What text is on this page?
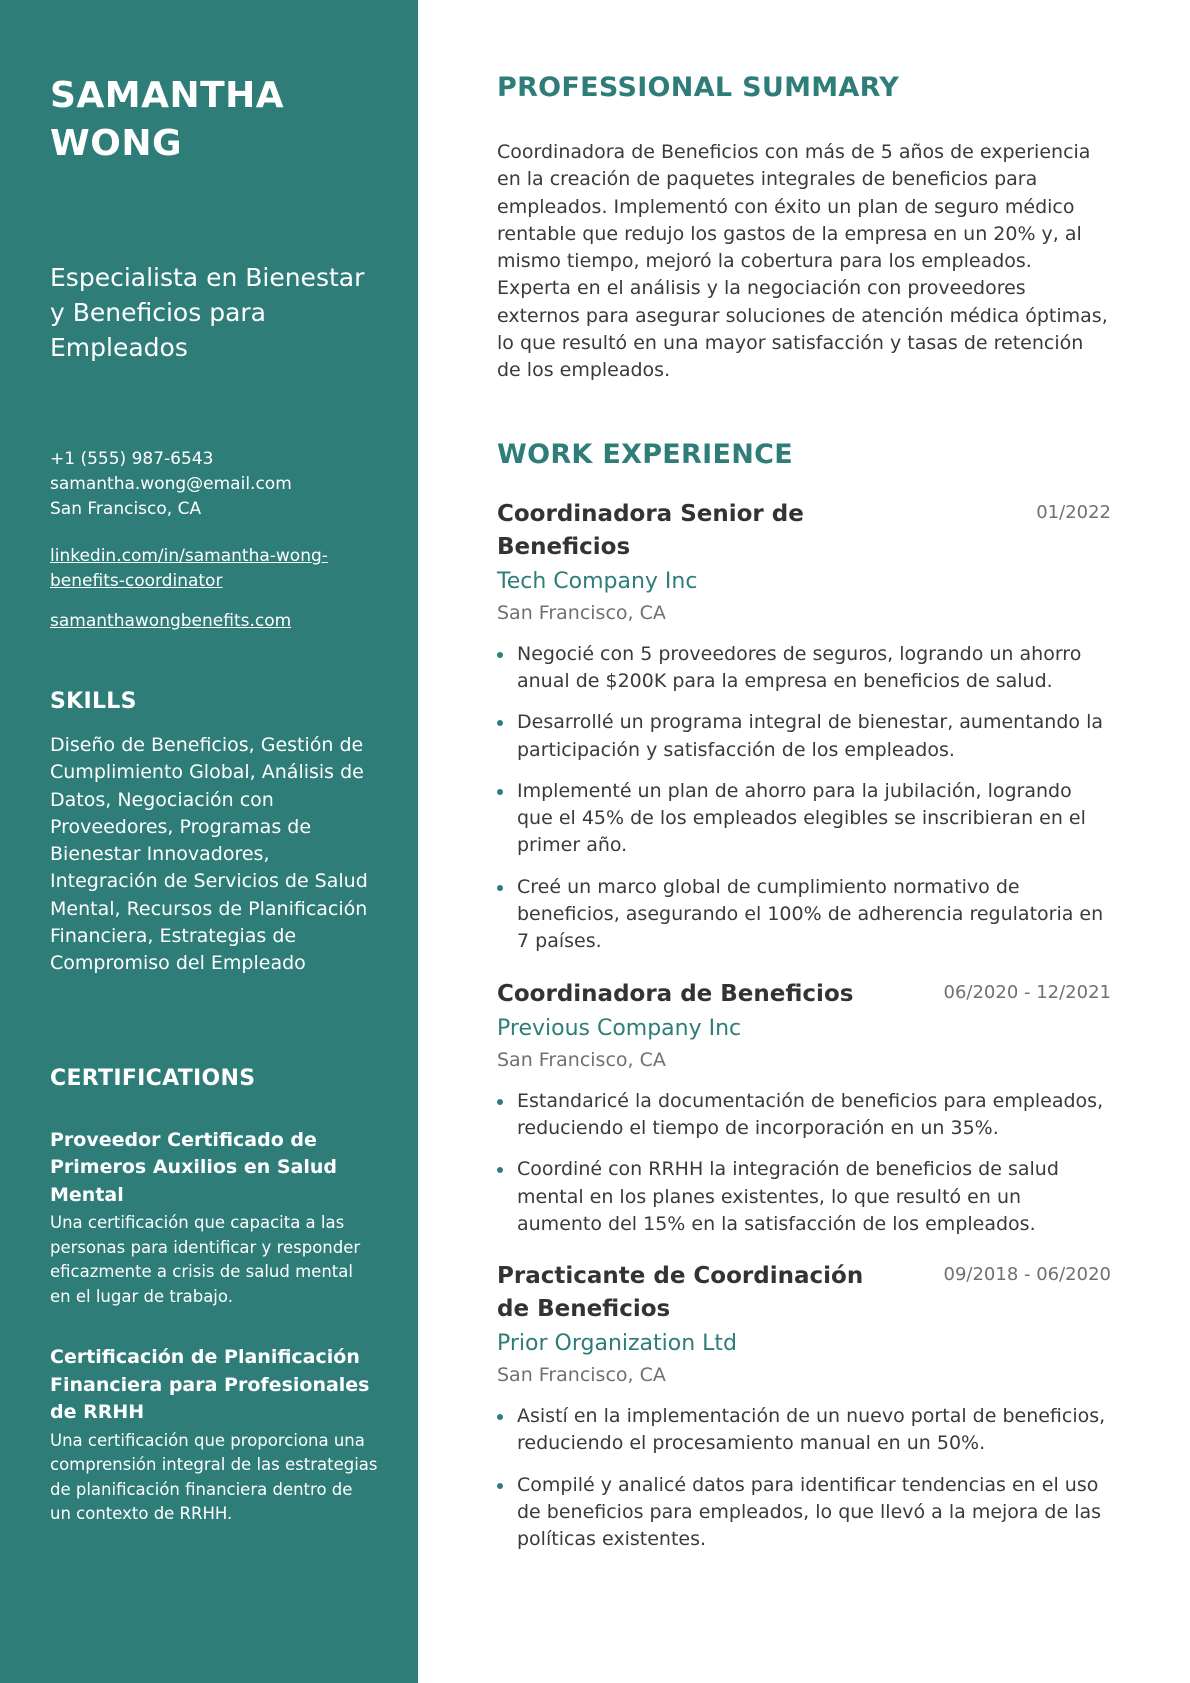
SAMANTHA
WONG
Especialista en Bienestar y Beneficios para Empleados
+1 (555) 987-6543
samantha.wong@email.com
San Francisco, CA
linkedin.com/in/samantha-wong-benefits-coordinator
samanthawongbenefits.com
SKILLS
Diseño de Beneficios, Gestión de Cumplimiento Global, Análisis de Datos, Negociación con Proveedores, Programas de Bienestar Innovadores, Integración de Servicios de Salud Mental, Recursos de Planificación Financiera, Estrategias de Compromiso del Empleado
CERTIFICATIONS
Proveedor Certificado de Primeros Auxilios en Salud Mental
Una certificación que capacita a las personas para identificar y responder eficazmente a crisis de salud mental en el lugar de trabajo.
Certificación de Planificación Financiera para Profesionales de RRHH
Una certificación que proporciona una comprensión integral de las estrategias de planificación financiera dentro de un contexto de RRHH.
PROFESSIONAL SUMMARY
Coordinadora de Beneficios con más de 5 años de experiencia en la creación de paquetes integrales de beneficios para empleados. Implementó con éxito un plan de seguro médico rentable que redujo los gastos de la empresa en un 20% y, al mismo tiempo, mejoró la cobertura para los empleados. Experta en el análisis y la negociación con proveedores externos para asegurar soluciones de atención médica óptimas, lo que resultó en una mayor satisfacción y tasas de retención de los empleados.
WORK EXPERIENCE
Coordinadora Senior de Beneficios
01/2022
Tech Company Inc
San Francisco, CA
Negocié con 5 proveedores de seguros, logrando un ahorro anual de $200K para la empresa en beneficios de salud.
Desarrollé un programa integral de bienestar, aumentando la participación y satisfacción de los empleados.
Implementé un plan de ahorro para la jubilación, logrando que el 45% de los empleados elegibles se inscribieran en el primer año.
Creé un marco global de cumplimiento normativo de beneficios, asegurando el 100% de adherencia regulatoria en 7 países.
Coordinadora de Beneficios	06/2020 - 12/2021
Previous Company Inc
San Francisco, CA
Estandaricé la documentación de beneficios para empleados, reduciendo el tiempo de incorporación en un 35%.
Coordiné con RRHH la integración de beneficios de salud mental en los planes existentes, lo que resultó en un aumento del 15% en la satisfacción de los empleados.
Practicante de Coordinación de Beneficios
09/2018 - 06/2020
Prior Organization Ltd
San Francisco, CA
Asistí en la implementación de un nuevo portal de beneficios, reduciendo el procesamiento manual en un 50%.
Compilé y analicé datos para identificar tendencias en el uso de beneficios para empleados, lo que llevó a la mejora de las políticas existentes.
